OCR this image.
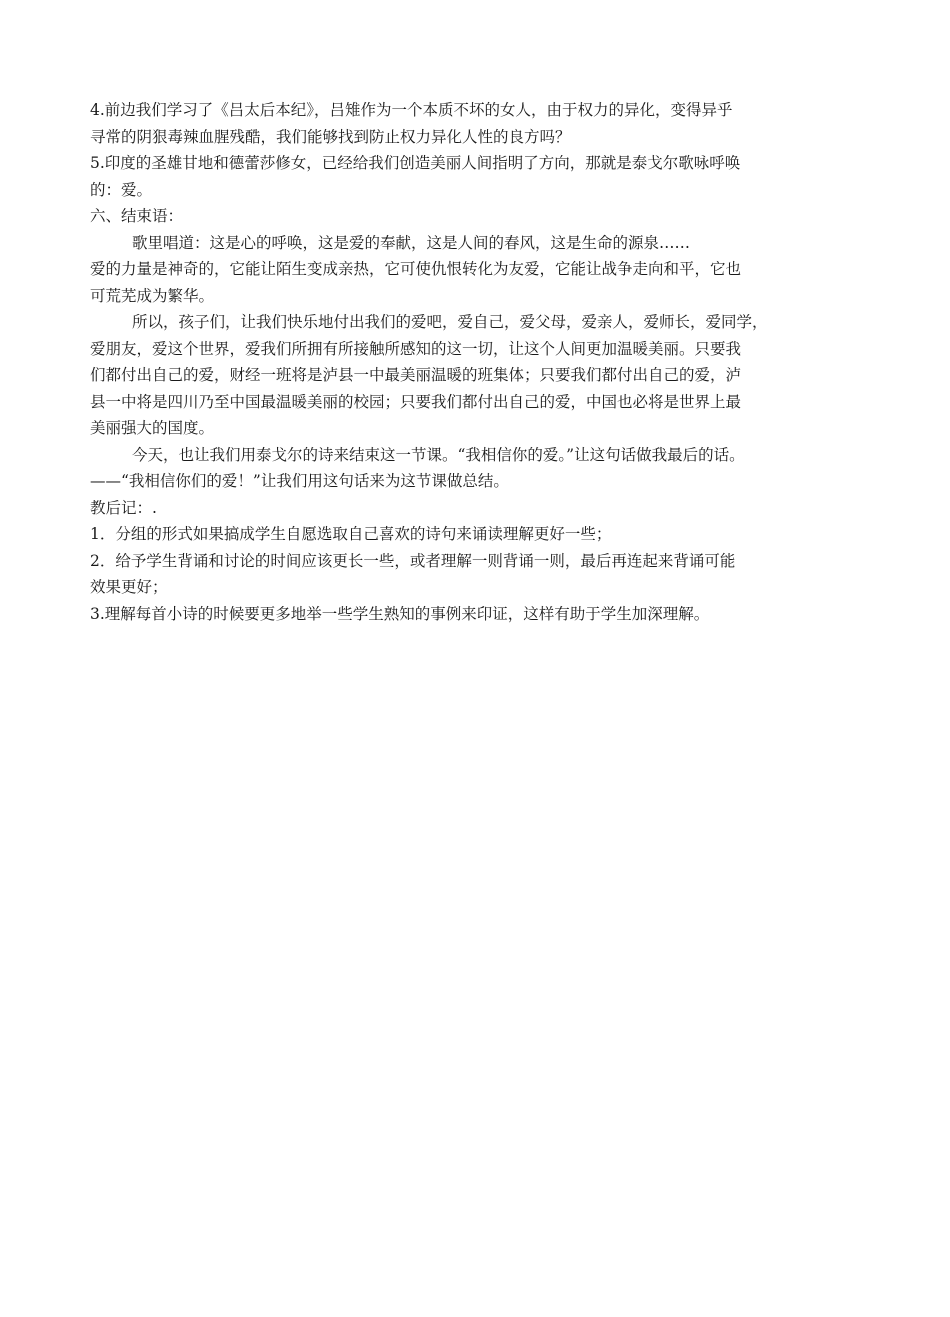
4.前边我们学习了《吕太后本纪》，吕雉作为一个本质不坏的女人，由于权力的异化，变得异乎
寻常的阴狠毒辣血腥残酷，我们能够找到防止权力异化人性的良方吗？
5.印度的圣雄甘地和德蕾莎修女，已经给我们创造美丽人间指明了方向，那就是泰戈尔歌咏呼唤
的：爱。
六、结束语：
歌里唱道：这是心的呼唤，这是爱的奉献，这是人间的春风，这是生命的源泉……
爱的力量是神奇的，它能让陌生变成亲热，它可使仇恨转化为友爱，它能让战争走向和平，它也
可荒芜成为繁华。
所以，孩子们，让我们快乐地付出我们的爱吧，爱自己，爱父母，爱亲人，爱师长，爱同学，
爱朋友，爱这个世界，爱我们所拥有所接触所感知的这一切，让这个人间更加温暖美丽。只要我
们都付出自己的爱，财经一班将是泸县一中最美丽温暖的班集体；只要我们都付出自己的爱，泸
县一中将是四川乃至中国最温暖美丽的校园；只要我们都付出自己的爱，中国也必将是世界上最
美丽强大的国度。
今天，也让我们用泰戈尔的诗来结束这一节课。“我相信你的爱。”让这句话做我最后的话。
——“我相信你们的爱！”让我们用这句话来为这节课做总结。
教后记：.
1．分组的形式如果搞成学生自愿选取自己喜欢的诗句来诵读理解更好一些；
2．给予学生背诵和讨论的时间应该更长一些，或者理解一则背诵一则，最后再连起来背诵可能
效果更好；
3.理解每首小诗的时候要更多地举一些学生熟知的事例来印证，这样有助于学生加深理解。
